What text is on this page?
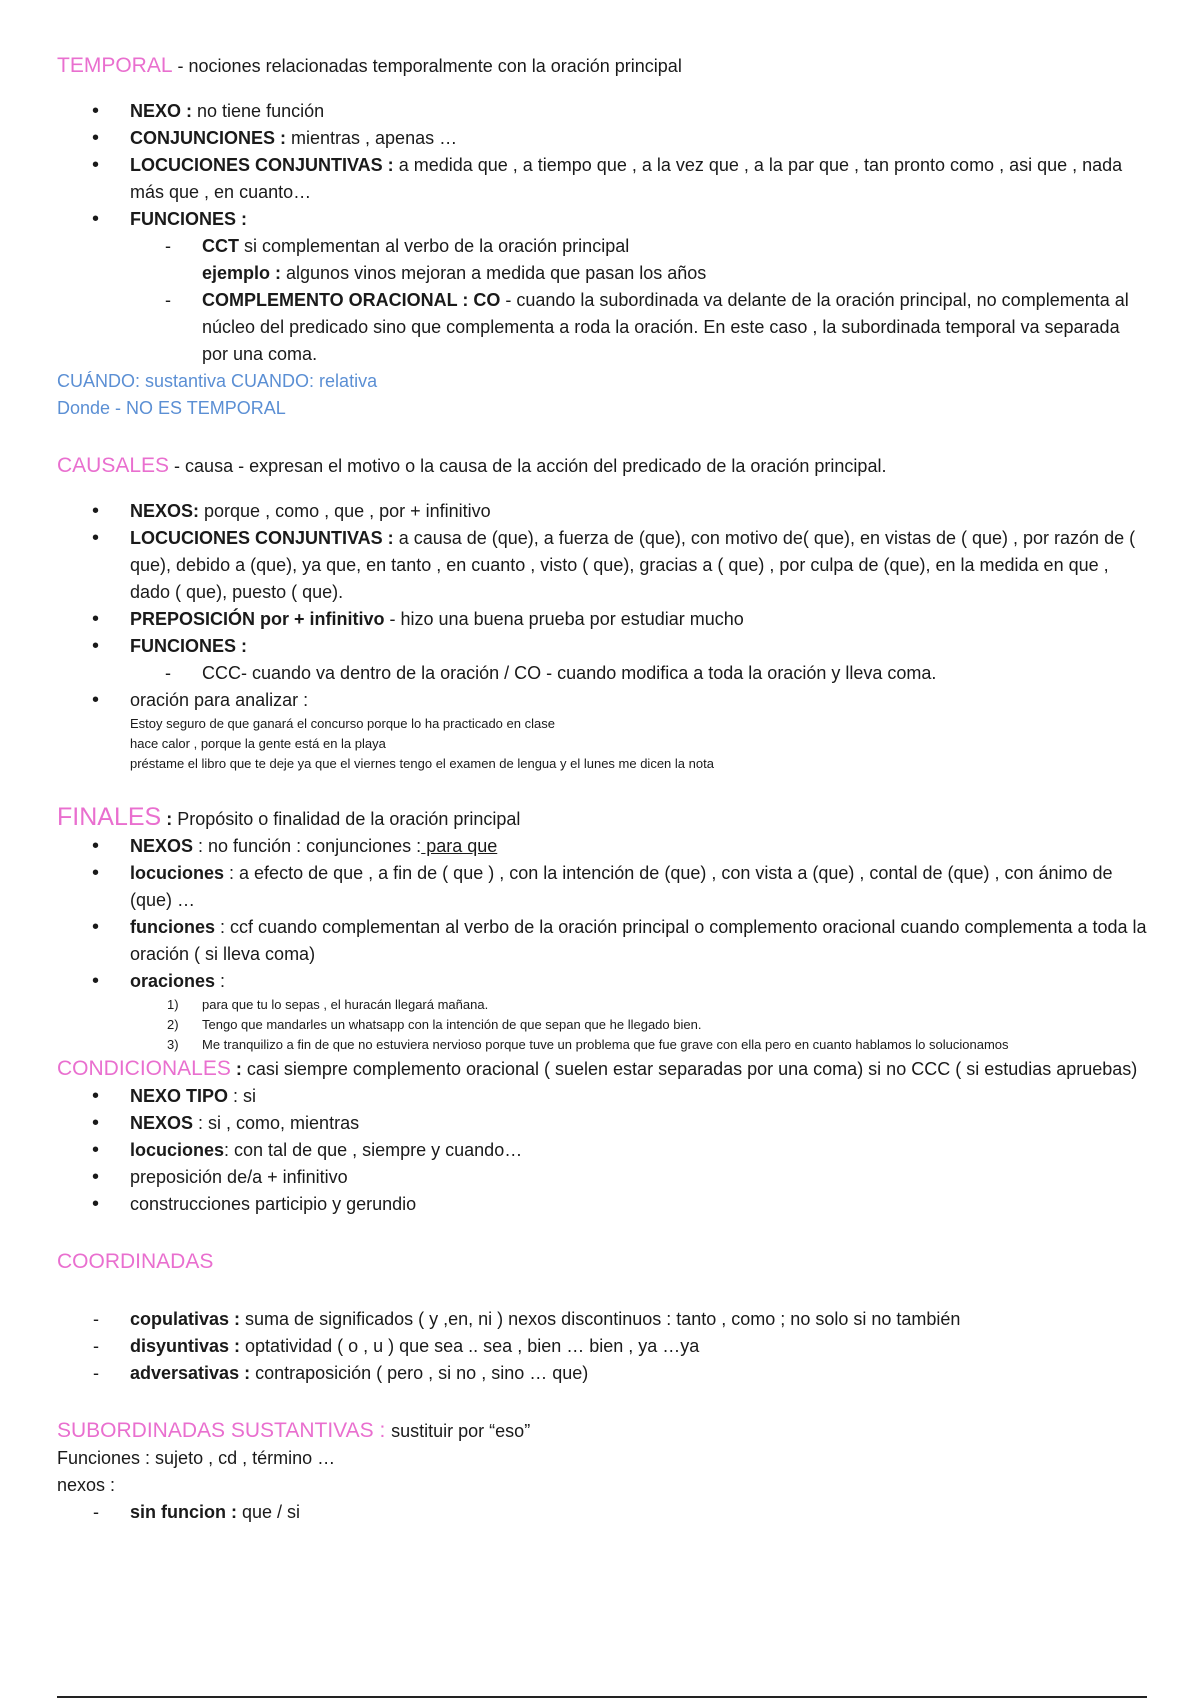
TEMPORAL - nociones relacionadas temporalmente con la oración principal
• NEXO : no tiene función
• CONJUNCIONES : mientras , apenas …
• LOCUCIONES CONJUNTIVAS : a medida que , a tiempo que , a la vez que , a la par que , tan pronto como , asi que , nada más que , en cuanto…
• FUNCIONES :
- CCT si complementan al verbo de la oración principal
ejemplo : algunos vinos mejoran a medida que pasan los años
- COMPLEMENTO ORACIONAL : CO - cuando la subordinada va delante de la oración principal, no complementa al núcleo del predicado sino que complementa a roda la oración. En este caso , la subordinada temporal va separada por una coma.
CUÁNDO: sustantiva CUANDO: relativa
Donde - NO ES TEMPORAL
CAUSALES - causa - expresan el motivo o la causa de la acción del predicado de la oración principal.
• NEXOS: porque , como , que , por + infinitivo
• LOCUCIONES CONJUNTIVAS : a causa de (que), a fuerza de (que), con motivo de( que), en vistas de ( que) , por razón de ( que), debido a (que), ya que, en tanto , en cuanto , visto ( que), gracias a ( que) , por culpa de (que), en la medida en que , dado ( que), puesto ( que).
• PREPOSICIÓN por + infinitivo - hizo una buena prueba por estudiar mucho
• FUNCIONES :
- CCC- cuando va dentro de la oración / CO - cuando modifica a toda la oración y lleva coma.
• oración para analizar :
Estoy seguro de que ganará el concurso porque lo ha practicado en clase
hace calor , porque la gente está en la playa
préstame el libro que te deje ya que el viernes tengo el examen de lengua y el lunes me dicen la nota
FINALES : Propósito o finalidad de la oración principal
• NEXOS : no función : conjunciones : para que
• locuciones : a efecto de que , a fin de ( que ) , con la intención de (que) , con vista a (que) , contal de (que) , con ánimo de (que) …
• funciones : ccf cuando complementan al verbo de la oración principal o complemento oracional cuando complementa a toda la oración ( si lleva coma)
• oraciones :
1) para que tu lo sepas , el huracán llegará mañana.
2) Tengo que mandarles un whatsapp con la intención de que sepan que he llegado bien.
3) Me tranquilizo a fin de que no estuviera nervioso porque tuve un problema que fue grave con ella pero en cuanto hablamos lo solucionamos
CONDICIONALES : casi siempre complemento oracional ( suelen estar separadas por una coma) si no CCC ( si estudias apruebas)
• NEXO TIPO : si
• NEXOS : si , como, mientras
• locuciones: con tal de que , siempre y cuando…
• preposición de/a + infinitivo
• construcciones participio y gerundio
COORDINADAS
- copulativas : suma de significados ( y ,en, ni ) nexos discontinuos : tanto , como ; no solo si no también
- disyuntivas : optatividad ( o , u ) que sea .. sea , bien … bien , ya …ya
- adversativas : contraposición ( pero , si no , sino … que)
SUBORDINADAS SUSTANTIVAS : sustituir por “eso”
Funciones : sujeto , cd , término …
nexos :
- sin funcion : que / si
